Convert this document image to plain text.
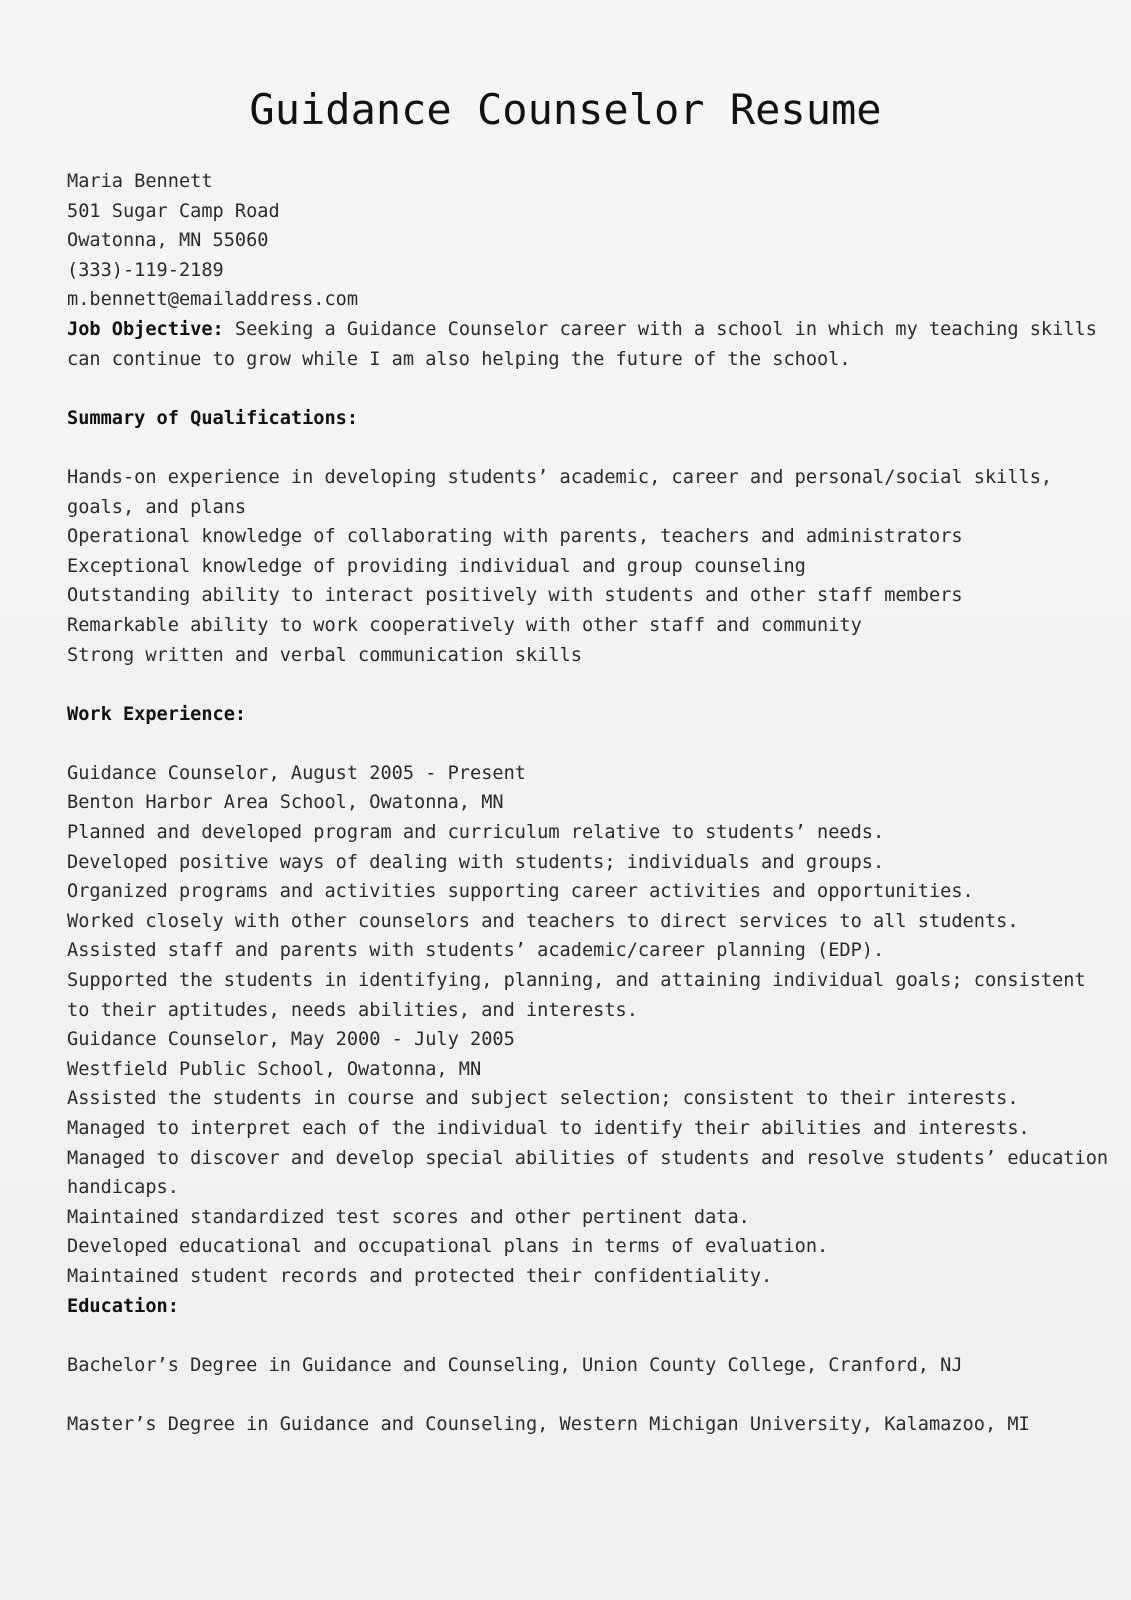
Guidance Counselor Resume
Maria Bennett
501 Sugar Camp Road
Owatonna, MN 55060
(333)-119-2189
m.bennett@emailaddress.com
Job Objective: Seeking a Guidance Counselor career with a school in which my teaching skills
can continue to grow while I am also helping the future of the school.
Summary of Qualifications:
Hands-on experience in developing students’ academic, career and personal/social skills,
goals, and plans
Operational knowledge of collaborating with parents, teachers and administrators
Exceptional knowledge of providing individual and group counseling
Outstanding ability to interact positively with students and other staff members
Remarkable ability to work cooperatively with other staff and community
Strong written and verbal communication skills
Work Experience:
Guidance Counselor, August 2005 - Present
Benton Harbor Area School, Owatonna, MN
Planned and developed program and curriculum relative to students’ needs.
Developed positive ways of dealing with students; individuals and groups.
Organized programs and activities supporting career activities and opportunities.
Worked closely with other counselors and teachers to direct services to all students.
Assisted staff and parents with students’ academic/career planning (EDP).
Supported the students in identifying, planning, and attaining individual goals; consistent
to their aptitudes, needs abilities, and interests.
Guidance Counselor, May 2000 - July 2005
Westfield Public School, Owatonna, MN
Assisted the students in course and subject selection; consistent to their interests.
Managed to interpret each of the individual to identify their abilities and interests.
Managed to discover and develop special abilities of students and resolve students’ education
handicaps.
Maintained standardized test scores and other pertinent data.
Developed educational and occupational plans in terms of evaluation.
Maintained student records and protected their confidentiality.
Education:
Bachelor’s Degree in Guidance and Counseling, Union County College, Cranford, NJ
Master’s Degree in Guidance and Counseling, Western Michigan University, Kalamazoo, MI
